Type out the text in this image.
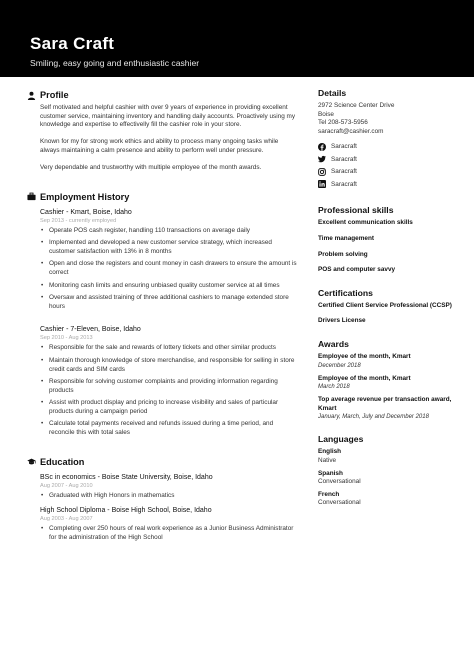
Sara Craft
Smiling, easy going and enthusiastic cashier
Profile

Self motivated and helpful cashier with over 9 years of experience in providing excellent customer service, maintaining inventory and handling daily accounts. Proactively using my knowledge and expertise to effectivelly fill the cashier role in your store.

Known for my for strong work ethics and ability to process many ongoing tasks while always maintaining a calm presence and ability to perform well under pressure.

Very dependable and trustworthy with multiple employee of the month awards.

Employment History
Cashier - Kmart, Boise, Idaho
Sep 2013 - currently employed
• Operate POS cash register, handling 110 transactions on average daily
• Implemented and developed a new customer service strategy, which increased customer satisfaction with 13% in 8 months
• Open and close the registers and count money in cash drawers to ensure the amount is correct
• Monitoring cash limits and ensuring unbiased quality customer service at all times
• Oversaw and assisted training of three additional cashiers to manage extended store hours
Cashier - 7-Eleven, Boise, Idaho
Sep 2010 - Aug 2013
• Responsible for the sale and rewards of lottery tickets and other similar products
• Maintain thorough knowledge of store merchandise, and responsible for selling in store credit cards and SIM cards
• Responsible for solving customer complaints and providing information regarding products
• Assist with product display and pricing to increase visibility and sales of particular products during a campaign period
• Calculate total payments received and refunds issued during a time period, and reconcile this with total sales
Education
BSc in economics - Boise State University, Boise, Idaho
Aug 2007 - Aug 2010
• Graduated with High Honors in mathematics
High School Diploma - Boise High School, Boise, Idaho
Aug 2003 - Aug 2007
• Completing over 250 hours of real work experience as a Junior Business Administrator for the administration of the High School
Details
2972 Science Center Drive
Boise
Tel 208-573-5956
saracraft@cashier.com
Saracraft
Saracraft
Saracraft
Saracraft
Professional skills
Excellent communication skills
Time management
Problem solving
POS and computer savvy
Certifications
Certified Client Service Professional (CCSP)
Drivers License
Awards
Employee of the month, Kmart
December 2018
Employee of the month, Kmart
March 2018
Top average revenue per transaction award, Kmart
January, March, July and December 2018
Languages
English
Native
Spanish
Conversational
French
Conversational
